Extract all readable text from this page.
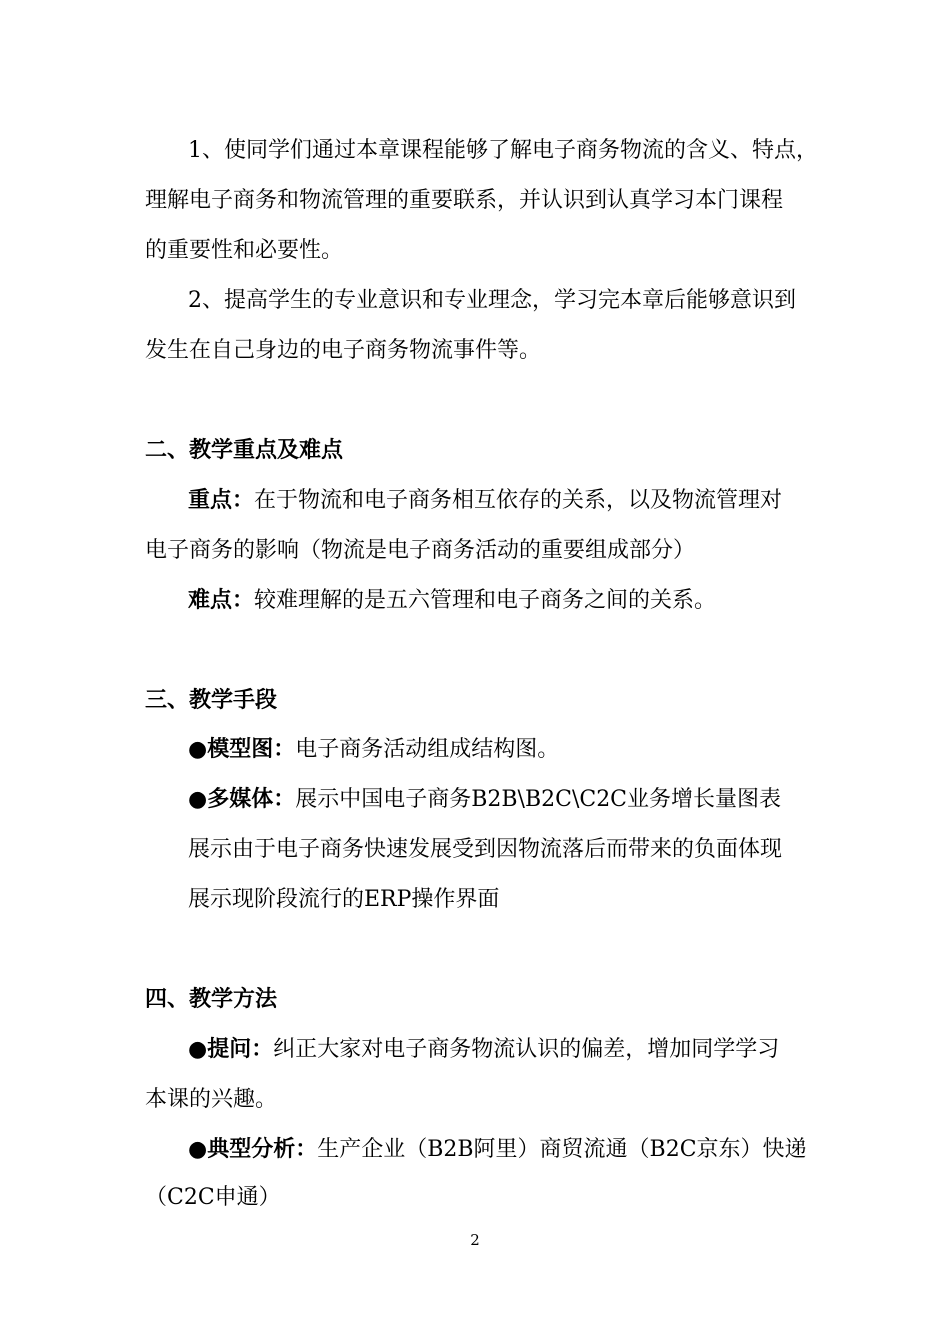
1、使同学们通过本章课程能够了解电子商务物流的含义、特点，
理解电子商务和物流管理的重要联系，并认识到认真学习本门课程
的重要性和必要性。
2、提高学生的专业意识和专业理念，学习完本章后能够意识到
发生在自己身边的电子商务物流事件等。
二、教学重点及难点
重点：在于物流和电子商务相互依存的关系，以及物流管理对
电子商务的影响（物流是电子商务活动的重要组成部分）
难点：较难理解的是五六管理和电子商务之间的关系。
三、教学手段
●模型图：电子商务活动组成结构图。
●多媒体：展示中国电子商务B2B\B2C\C2C业务增长量图表
展示由于电子商务快速发展受到因物流落后而带来的负面体现
展示现阶段流行的ERP操作界面
四、教学方法
●提问：纠正大家对电子商务物流认识的偏差，增加同学学习
本课的兴趣。
●典型分析：生产企业（B2B阿里）商贸流通（B2C京东）快递
（C2C申通）
2
